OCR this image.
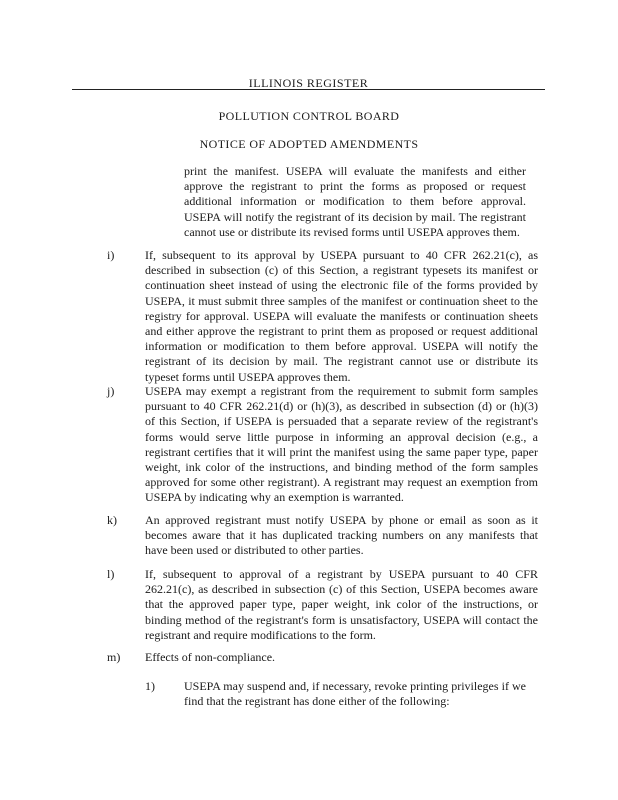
ILLINOIS REGISTER
POLLUTION CONTROL BOARD
NOTICE OF ADOPTED AMENDMENTS
print the manifest. USEPA will evaluate the manifests and either approve the registrant to print the forms as proposed or request additional information or modification to them before approval. USEPA will notify the registrant of its decision by mail. The registrant cannot use or distribute its revised forms until USEPA approves them.
i)	If, subsequent to its approval by USEPA pursuant to 40 CFR 262.21(c), as described in subsection (c) of this Section, a registrant typesets its manifest or continuation sheet instead of using the electronic file of the forms provided by USEPA, it must submit three samples of the manifest or continuation sheet to the registry for approval. USEPA will evaluate the manifests or continuation sheets and either approve the registrant to print them as proposed or request additional information or modification to them before approval. USEPA will notify the registrant of its decision by mail. The registrant cannot use or distribute its typeset forms until USEPA approves them.
j)	USEPA may exempt a registrant from the requirement to submit form samples pursuant to 40 CFR 262.21(d) or (h)(3), as described in subsection (d) or (h)(3) of this Section, if USEPA is persuaded that a separate review of the registrant's forms would serve little purpose in informing an approval decision (e.g., a registrant certifies that it will print the manifest using the same paper type, paper weight, ink color of the instructions, and binding method of the form samples approved for some other registrant). A registrant may request an exemption from USEPA by indicating why an exemption is warranted.
k) An approved registrant must notify USEPA by phone or email as soon as it becomes aware that it has duplicated tracking numbers on any manifests that have been used or distributed to other parties.
l)	If, subsequent to approval of a registrant by USEPA pursuant to 40 CFR 262.21(c), as described in subsection (c) of this Section, USEPA becomes aware that the approved paper type, paper weight, ink color of the instructions, or binding method of the registrant's form is unsatisfactory, USEPA will contact the registrant and require modifications to the form.
m) Effects of non-compliance.
1) USEPA may suspend and, if necessary, revoke printing privileges if we find that the registrant has done either of the following:
